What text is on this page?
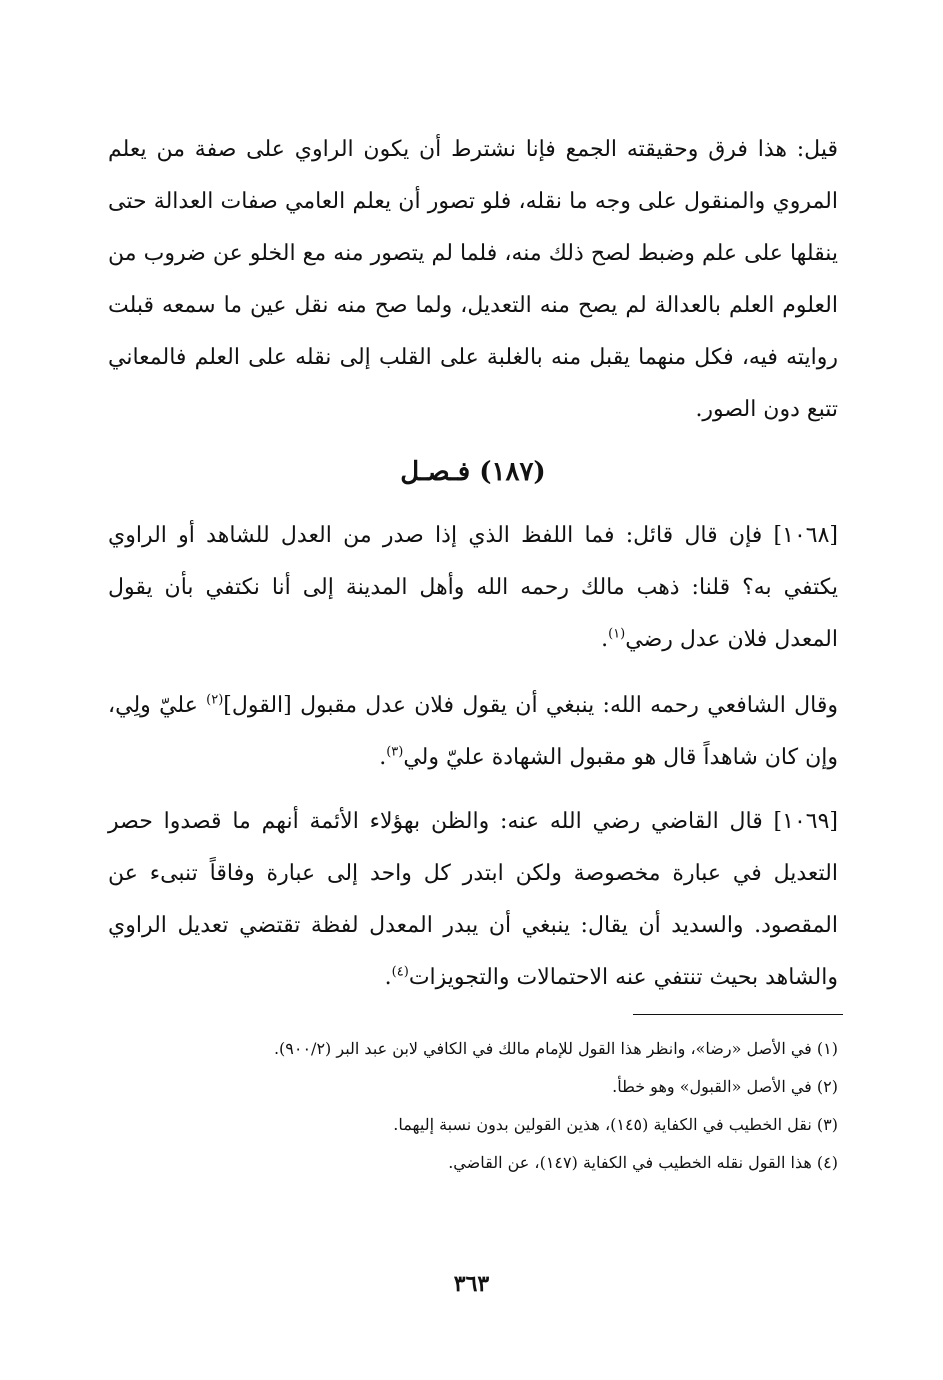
قيل: هذا فرق وحقيقته الجمع فإنا نشترط أن يكون الراوي على صفة من يعلم المروي والمنقول على وجه ما نقله، فلو تصور أن يعلم العامي صفات العدالة حتى ينقلها على علم وضبط لصح ذلك منه، فلما لم يتصور منه مع الخلو عن ضروب من العلوم العلم بالعدالة لم يصح منه التعديل، ولما صح منه نقل عين ما سمعه قبلت روايته فيه، فكل منهما يقبل منه بالغلبة على القلب إلى نقله على العلم فالمعاني تتبع دون الصور.

(١٨٧) فـصـل

[١٠٦٨] فإن قال قائل: فما اللفظ الذي إذا صدر من العدل للشاهد أو الراوي يكتفي به؟ قلنا: ذهب مالك رحمه الله وأهل المدينة إلى أنا نكتفي بأن يقول المعدل فلان عدل رضي$^{(١)}$.

وقال الشافعي رحمه الله: ينبغي أن يقول فلان عدل مقبول [القول]$^{(٢)}$ عليّ ولِي، وإن كان شاهداً قال هو مقبول الشهادة عليّ ولي$^{(٣)}$.

[١٠٦٩] قال القاضي رضي الله عنه: والظن بهؤلاء الأئمة أنهم ما قصدوا حصر التعديل في عبارة مخصوصة ولكن ابتدر كل واحد إلى عبارة وفاقاً تنبىء عن المقصود. والسديد أن يقال: ينبغي أن يبدر المعدل لفظة تقتضي تعديل الراوي والشاهد بحيث تنتفي عنه الاحتمالات والتجويزات$^{(٤)}$.

(١) في الأصل «رضا»، وانظر هذا القول للإمام مالك في الكافي لابن عبد البر (٩٠٠/٢).

(٢) في الأصل «القبول» وهو خطأ.

(٣) نقل الخطيب في الكفاية (١٤٥)، هذين القولين بدون نسبة إليهما.

(٤) هذا القول نقله الخطيب في الكفاية (١٤٧)، عن القاضي.

٣٦٣
